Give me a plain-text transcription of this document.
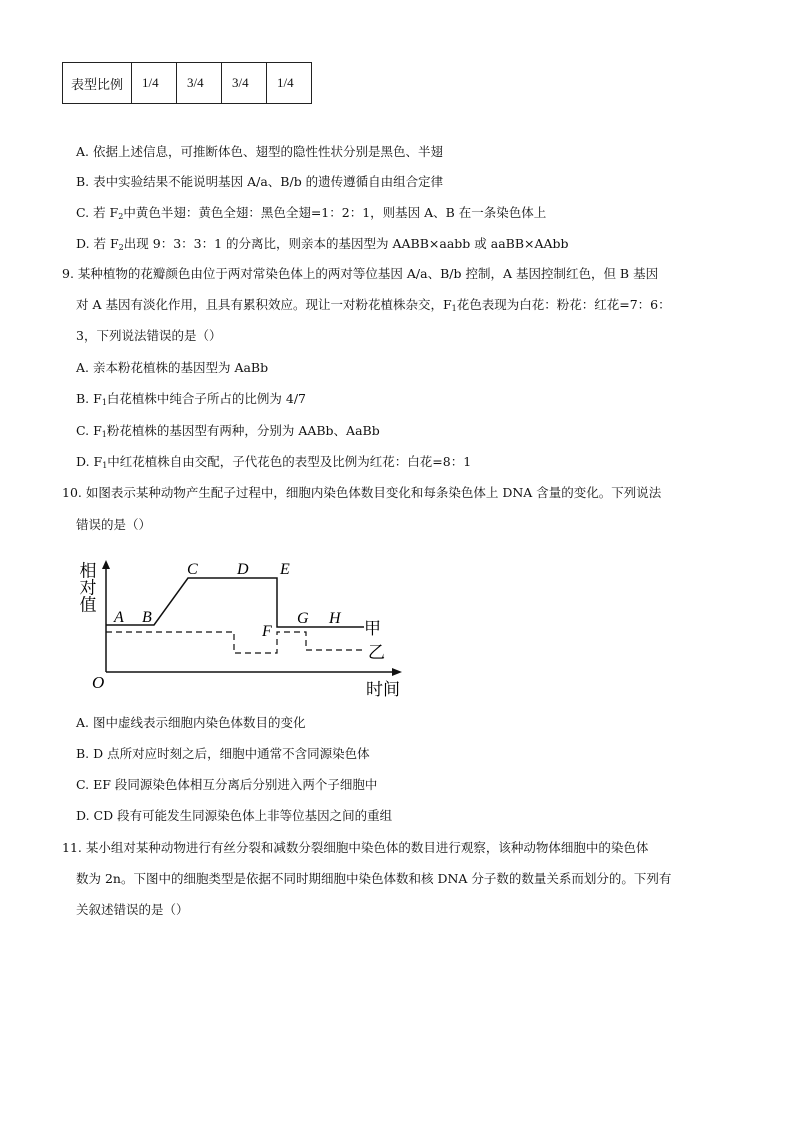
表型比例	1/4	3/4	3/4	1/4
A. 依据上述信息，可推断体色、翅型的隐性性状分别是黑色、半翅
B. 表中实验结果不能说明基因 A/a、B/b 的遗传遵循自由组合定律
C. 若 $F_2$中黄色半翅：黄色全翅：黑色全翅=1：2：1，则基因 A、B 在一条染色体上
D. 若 $F_2$出现 9：3：3：1 的分离比，则亲本的基因型为 AABB×aabb 或 aaBB×AAbb
9. 某种植物的花瓣颜色由位于两对常染色体上的两对等位基因 A/a、B/b 控制，A 基因控制红色，但 B 基因
对 A 基因有淡化作用，且具有累积效应。现让一对粉花植株杂交，$F_1$花色表现为白花：粉花：红花=7：6：
3，下列说法错误的是（）
A. 亲本粉花植株的基因型为 AaBb
B. $F_1$白花植株中纯合子所占的比例为 4/7
C. $F_1$粉花植株的基因型有两种，分别为 AABb、AaBb
D. $F_1$中红花植株自由交配，子代花色的表型及比例为红花：白花=8：1
10. 如图表示某种动物产生配子过程中，细胞内染色体数目变化和每条染色体上 DNA 含量的变化。下列说法
错误的是（）
相对值
A B
C D E
F
G H
甲
乙
O	时间
A. 图中虚线表示细胞内染色体数目的变化
B. D 点所对应时刻之后，细胞中通常不含同源染色体
C. EF 段同源染色体相互分离后分别进入两个子细胞中
D. CD 段有可能发生同源染色体上非等位基因之间的重组
11. 某小组对某种动物进行有丝分裂和减数分裂细胞中染色体的数目进行观察，该种动物体细胞中的染色体
数为 2n。下图中的细胞类型是依据不同时期细胞中染色体数和核 DNA 分子数的数量关系而划分的。下列有
关叙述错误的是（）
